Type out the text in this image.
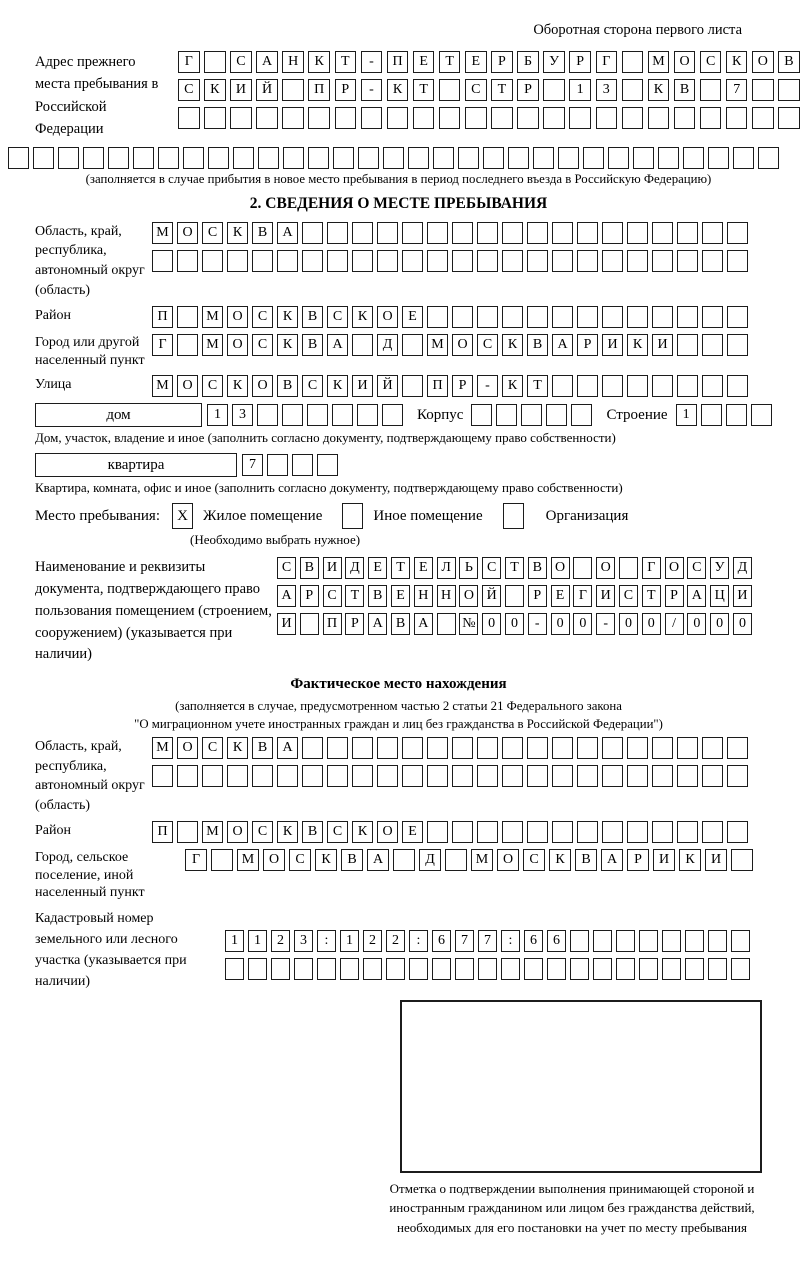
Оборотная сторона первого листа
Адрес прежнего места пребывания в Российской Федерации
Г	С	А	Н	К	Т	-	П	Е	Т	Е	Р	Б	У	Р	Г	М	О	С	К	О	В
С	К	И	Й	П	Р	-	К	Т	С	Т	Р	1	3	К	В	7
(заполняется в случае прибытия в новое место пребывания в период последнего въезда в Российскую Федерацию)
2. СВЕДЕНИЯ О МЕСТЕ ПРЕБЫВАНИЯ
Область, край, республика, автономный округ (область)
М О	С	К	В	А
Район	П	М О	С	К	В	С	К	О	Е
Город или другой населенный пункт
Г	М О	С	К	В	А	Д	М О	С	К	В	А	Р	И	К	И
Улица	М О	С	К	О	В	С	К	И	Й	П	Р	-	К	Т
дом	1	3	Корпус	Строение	1
Дом, участок, владение и иное (заполнить согласно документу, подтверждающему право собственности)
квартира	7
Квартира, комната, офис и иное (заполнить согласно документу, подтверждающему право собственности)
Место пребывания:	X	Жилое помещение	Иное помещение	Организация
(Необходимо выбрать нужное)
Наименование и реквизиты документа, подтверждающего право пользования помещением (строением, сооружением) (указывается при наличии)
С В И Д Е	Т	Е Л	Ь	С Т В О	О	Г О С У Д
А Р	С Т В Е Н Н О Й	Р	Е	Г И С Т	Р А Ц И
И	П Р А В А	№ 0	0	-	0	0	-	0	0	/	0	0	0
Фактическое место нахождения
(заполняется в случае, предусмотренном частью 2 статьи 21 Федерального закона
"О миграционном учете иностранных граждан и лиц без гражданства в Российской Федерации")
Область, край, республика, автономный округ (область)
М О	С	К	В	А
Район	П	М О	С	К	В	С	К	О	Е
Город, сельское поселение, иной населенный пункт
Г	М	О	С	К	В	А	Д	М	О	С	К	В	А	Р	И	К	И
Кадастровый номер земельного или лесного участка (указывается при наличии)
1	1	2	3	:	1	2	2	:	6	7	7	:	6	6
Отметка о подтверждении выполнения принимающей стороной и иностранным гражданином или лицом без гражданства действий, необходимых для его постановки на учет по месту пребывания
